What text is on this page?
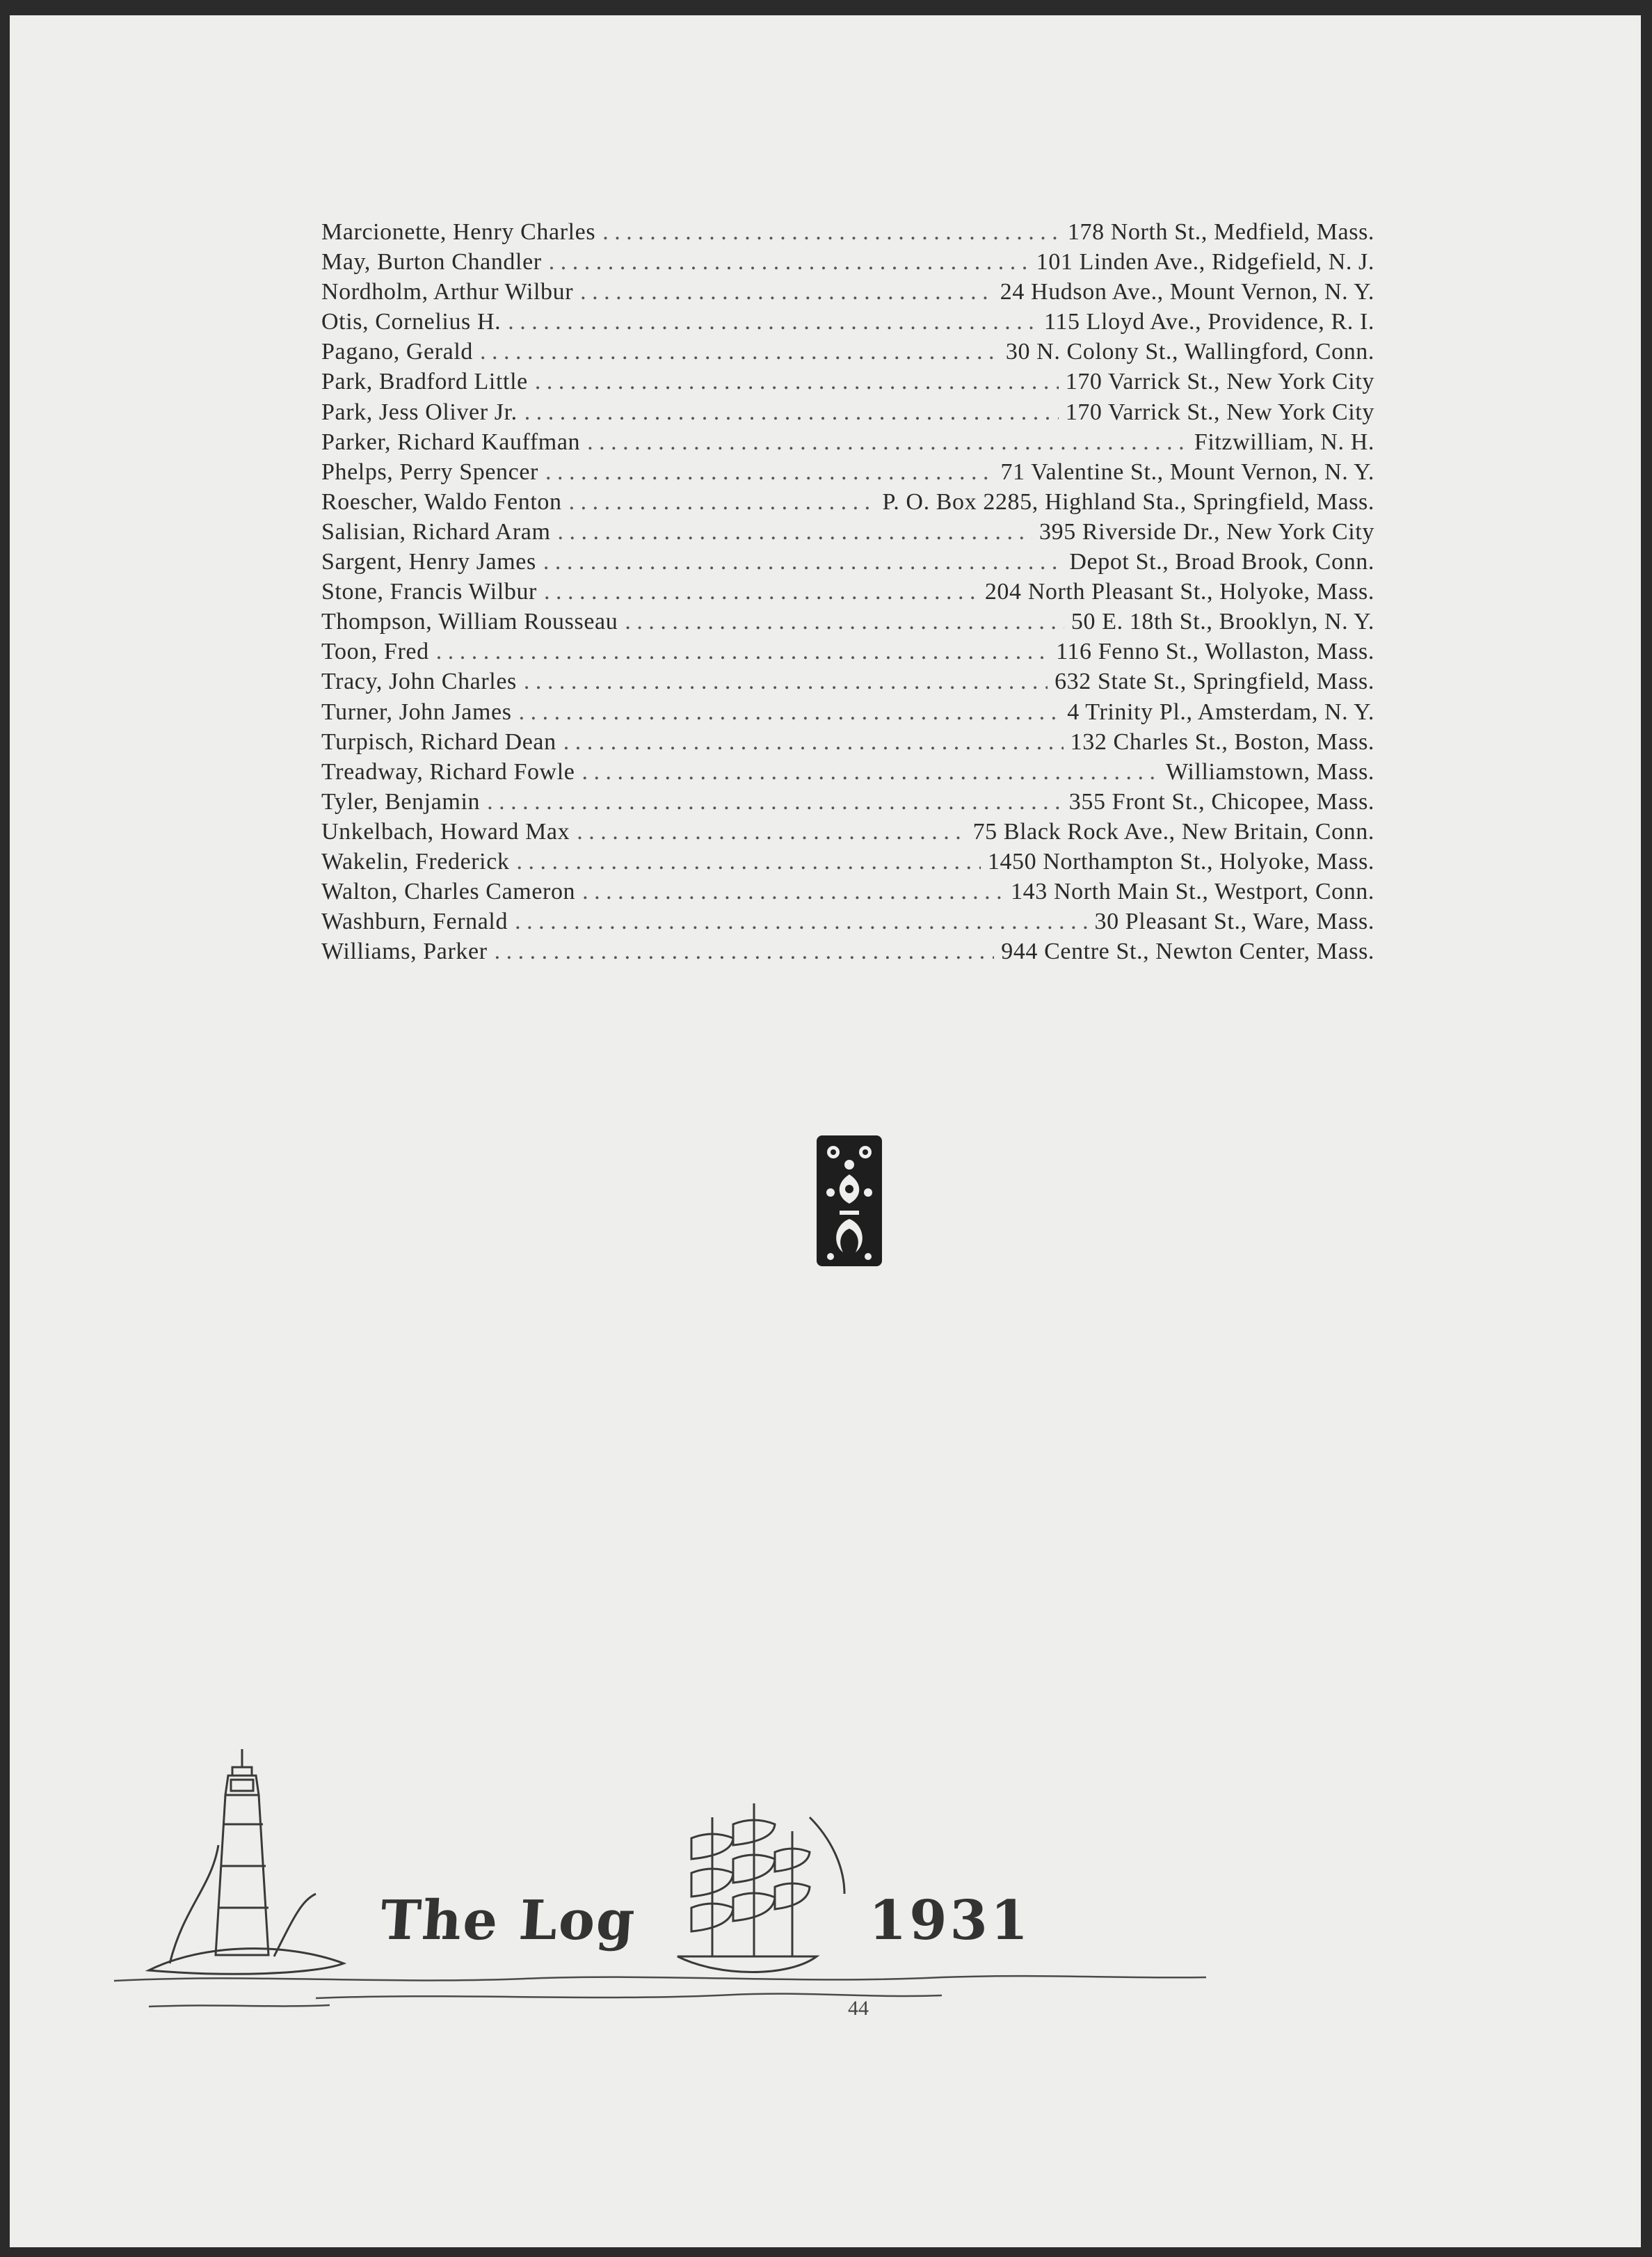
Marcionette, Henry Charles . . .	178 North St., Medfield, Mass.
May, Burton Chandler . . .	101 Linden Ave., Ridgefield, N. J.
Nordholm, Arthur Wilbur . . .	24 Hudson Ave., Mount Vernon, N. Y.
Otis, Cornelius H. . . .	115 Lloyd Ave., Providence, R. I.
Pagano, Gerald . . .	30 N. Colony St., Wallingford, Conn.
Park, Bradford Little . . .	170 Varrick St., New York City
Park, Jess Oliver Jr. . . .	170 Varrick St., New York City
Parker, Richard Kauffman . . .	Fitzwilliam, N. H.
Phelps, Perry Spencer . . .	71 Valentine St., Mount Vernon, N. Y.
Roescher, Waldo Fenton . . .	P. O. Box 2285, Highland Sta., Springfield, Mass.
Salisian, Richard Aram . . .	395 Riverside Dr., New York City
Sargent, Henry James . . .	Depot St., Broad Brook, Conn.
Stone, Francis Wilbur . . .	204 North Pleasant St., Holyoke, Mass.
Thompson, William Rousseau . . .	50 E. 18th St., Brooklyn, N. Y.
Toon, Fred . . .	116 Fenno St., Wollaston, Mass.
Tracy, John Charles . . .	632 State St., Springfield, Mass.
Turner, John James . . .	4 Trinity Pl., Amsterdam, N. Y.
Turpisch, Richard Dean . . .	132 Charles St., Boston, Mass.
Treadway, Richard Fowle . . .	Williamstown, Mass.
Tyler, Benjamin . . .	355 Front St., Chicopee, Mass.
Unkelbach, Howard Max . . .	75 Black Rock Ave., New Britain, Conn.
Wakelin, Frederick . . .	1450 Northampton St., Holyoke, Mass.
Walton, Charles Cameron . . .	143 North Main St., Westport, Conn.
Washburn, Fernald . . .	30 Pleasant St., Ware, Mass.
Williams, Parker . . .	944 Centre St., Newton Center, Mass.
The Log	1931
44
